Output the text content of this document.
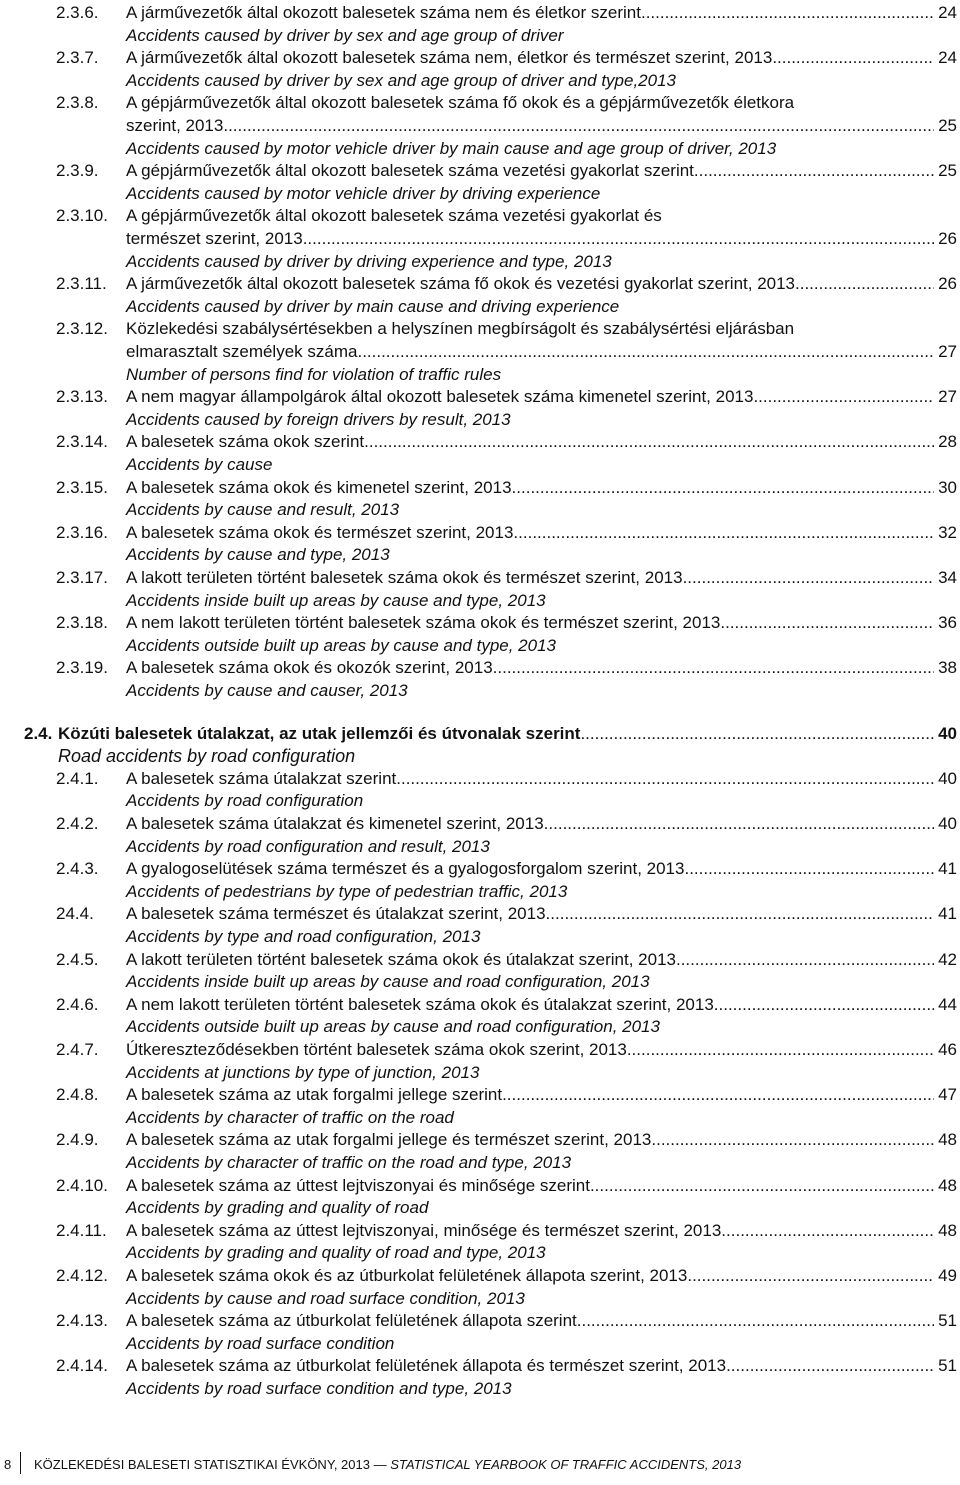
2.3.6. A járművezetők által okozott balesetek száma nem és életkor szerint .....	24
Accidents caused by driver by sex and age group of driver
2.3.7. A járművezetők által okozott balesetek száma nem, életkor és természet szerint, 2013 .....	24
Accidents caused by driver by sex and age group of driver and type,2013
2.3.8. A gépjárművezetők által okozott balesetek száma fő okok és a gépjárművezetők életkora
szerint, 2013 .....	25
Accidents caused by motor vehicle driver by main cause and age group of driver, 2013
2.3.9. A gépjárművezetők által okozott balesetek száma vezetési gyakorlat szerint .....	25
Accidents caused by motor vehicle driver by driving experience
2.3.10. A gépjárművezetők által okozott balesetek száma vezetési gyakorlat és
természet szerint, 2013 .....	26
Accidents caused by driver by driving experience and type, 2013
2.3.11. A járművezetők által okozott balesetek száma fő okok és vezetési gyakorlat szerint, 2013 .....	26
Accidents caused by driver by main cause and driving experience
2.3.12. Közlekedési szabálysértésekben a helyszínen megbírságolt és szabálysértési eljárásban
elmarasztalt személyek száma .....	27
Number of persons find for violation of traffic rules
2.3.13. A nem magyar állampolgárok által okozott balesetek száma kimenetel szerint, 2013 .....	27
Accidents caused by foreign drivers by result, 2013
2.3.14. A balesetek száma okok szerint .....	28
Accidents by cause
2.3.15. A balesetek száma okok és kimenetel szerint, 2013 .....	30
Accidents by cause and result, 2013
2.3.16. A balesetek száma okok és természet szerint, 2013 .....	32
Accidents by cause and type, 2013
2.3.17. A lakott területen történt balesetek száma okok és természet szerint, 2013 .....	34
Accidents inside built up areas by cause and type, 2013
2.3.18. A nem lakott területen történt balesetek száma okok és természet szerint, 2013 .....	36
Accidents outside built up areas by cause and type, 2013
2.3.19. A balesetek száma okok és okozók szerint, 2013 .....	38
Accidents by cause and causer, 2013
2.4. Közúti balesetek útalakzat, az utak jellemzői és útvonalak szerint .....	40
Road accidents by road configuration
2.4.1. A balesetek száma útalakzat szerint .....	40
Accidents by road configuration
2.4.2. A balesetek száma útalakzat és kimenetel szerint, 2013 .....	40
Accidents by road configuration and result, 2013
2.4.3. A gyalogoselütések száma természet és a gyalogosforgalom szerint, 2013 .....	41
Accidents of pedestrians by type of pedestrian traffic, 2013
24.4. A balesetek száma természet és útalakzat szerint, 2013 .....	41
Accidents by type and road configuration, 2013
2.4.5. A lakott területen történt balesetek száma okok és útalakzat szerint, 2013 .....	42
Accidents inside built up areas by cause and road configuration, 2013
2.4.6. A nem lakott területen történt balesetek száma okok és útalakzat szerint, 2013 .....	44
Accidents outside built up areas by cause and road configuration, 2013
2.4.7. Útkereszteződésekben történt balesetek száma okok szerint, 2013 .....	46
Accidents at junctions by type of junction, 2013
2.4.8. A balesetek száma az utak forgalmi jellege szerint .....	47
Accidents by character of traffic on the road
2.4.9. A balesetek száma az utak forgalmi jellege és természet szerint, 2013 .....	48
Accidents by character of traffic on the road and type, 2013
2.4.10. A balesetek száma az úttest lejtviszonyai és minősége szerint .....	48
Accidents by grading and quality of road
2.4.11. A balesetek száma az úttest lejtviszonyai, minősége és természet szerint, 2013 .....	48
Accidents by grading and quality of road and type, 2013
2.4.12. A balesetek száma okok és az útburkolat felületének állapota szerint, 2013 .....	49
Accidents by cause and road surface condition, 2013
2.4.13. A balesetek száma az útburkolat felületének állapota szerint .....	51
Accidents by road surface condition
2.4.14. A balesetek száma az útburkolat felületének állapota és természet szerint, 2013 .....	51
Accidents by road surface condition and type, 2013
8 KÖZLEKEDÉSI BALESETI STATISZTIKAI ÉVKÖNY, 2013 — STATISTICAL YEARBOOK OF TRAFFIC ACCIDENTS, 2013
